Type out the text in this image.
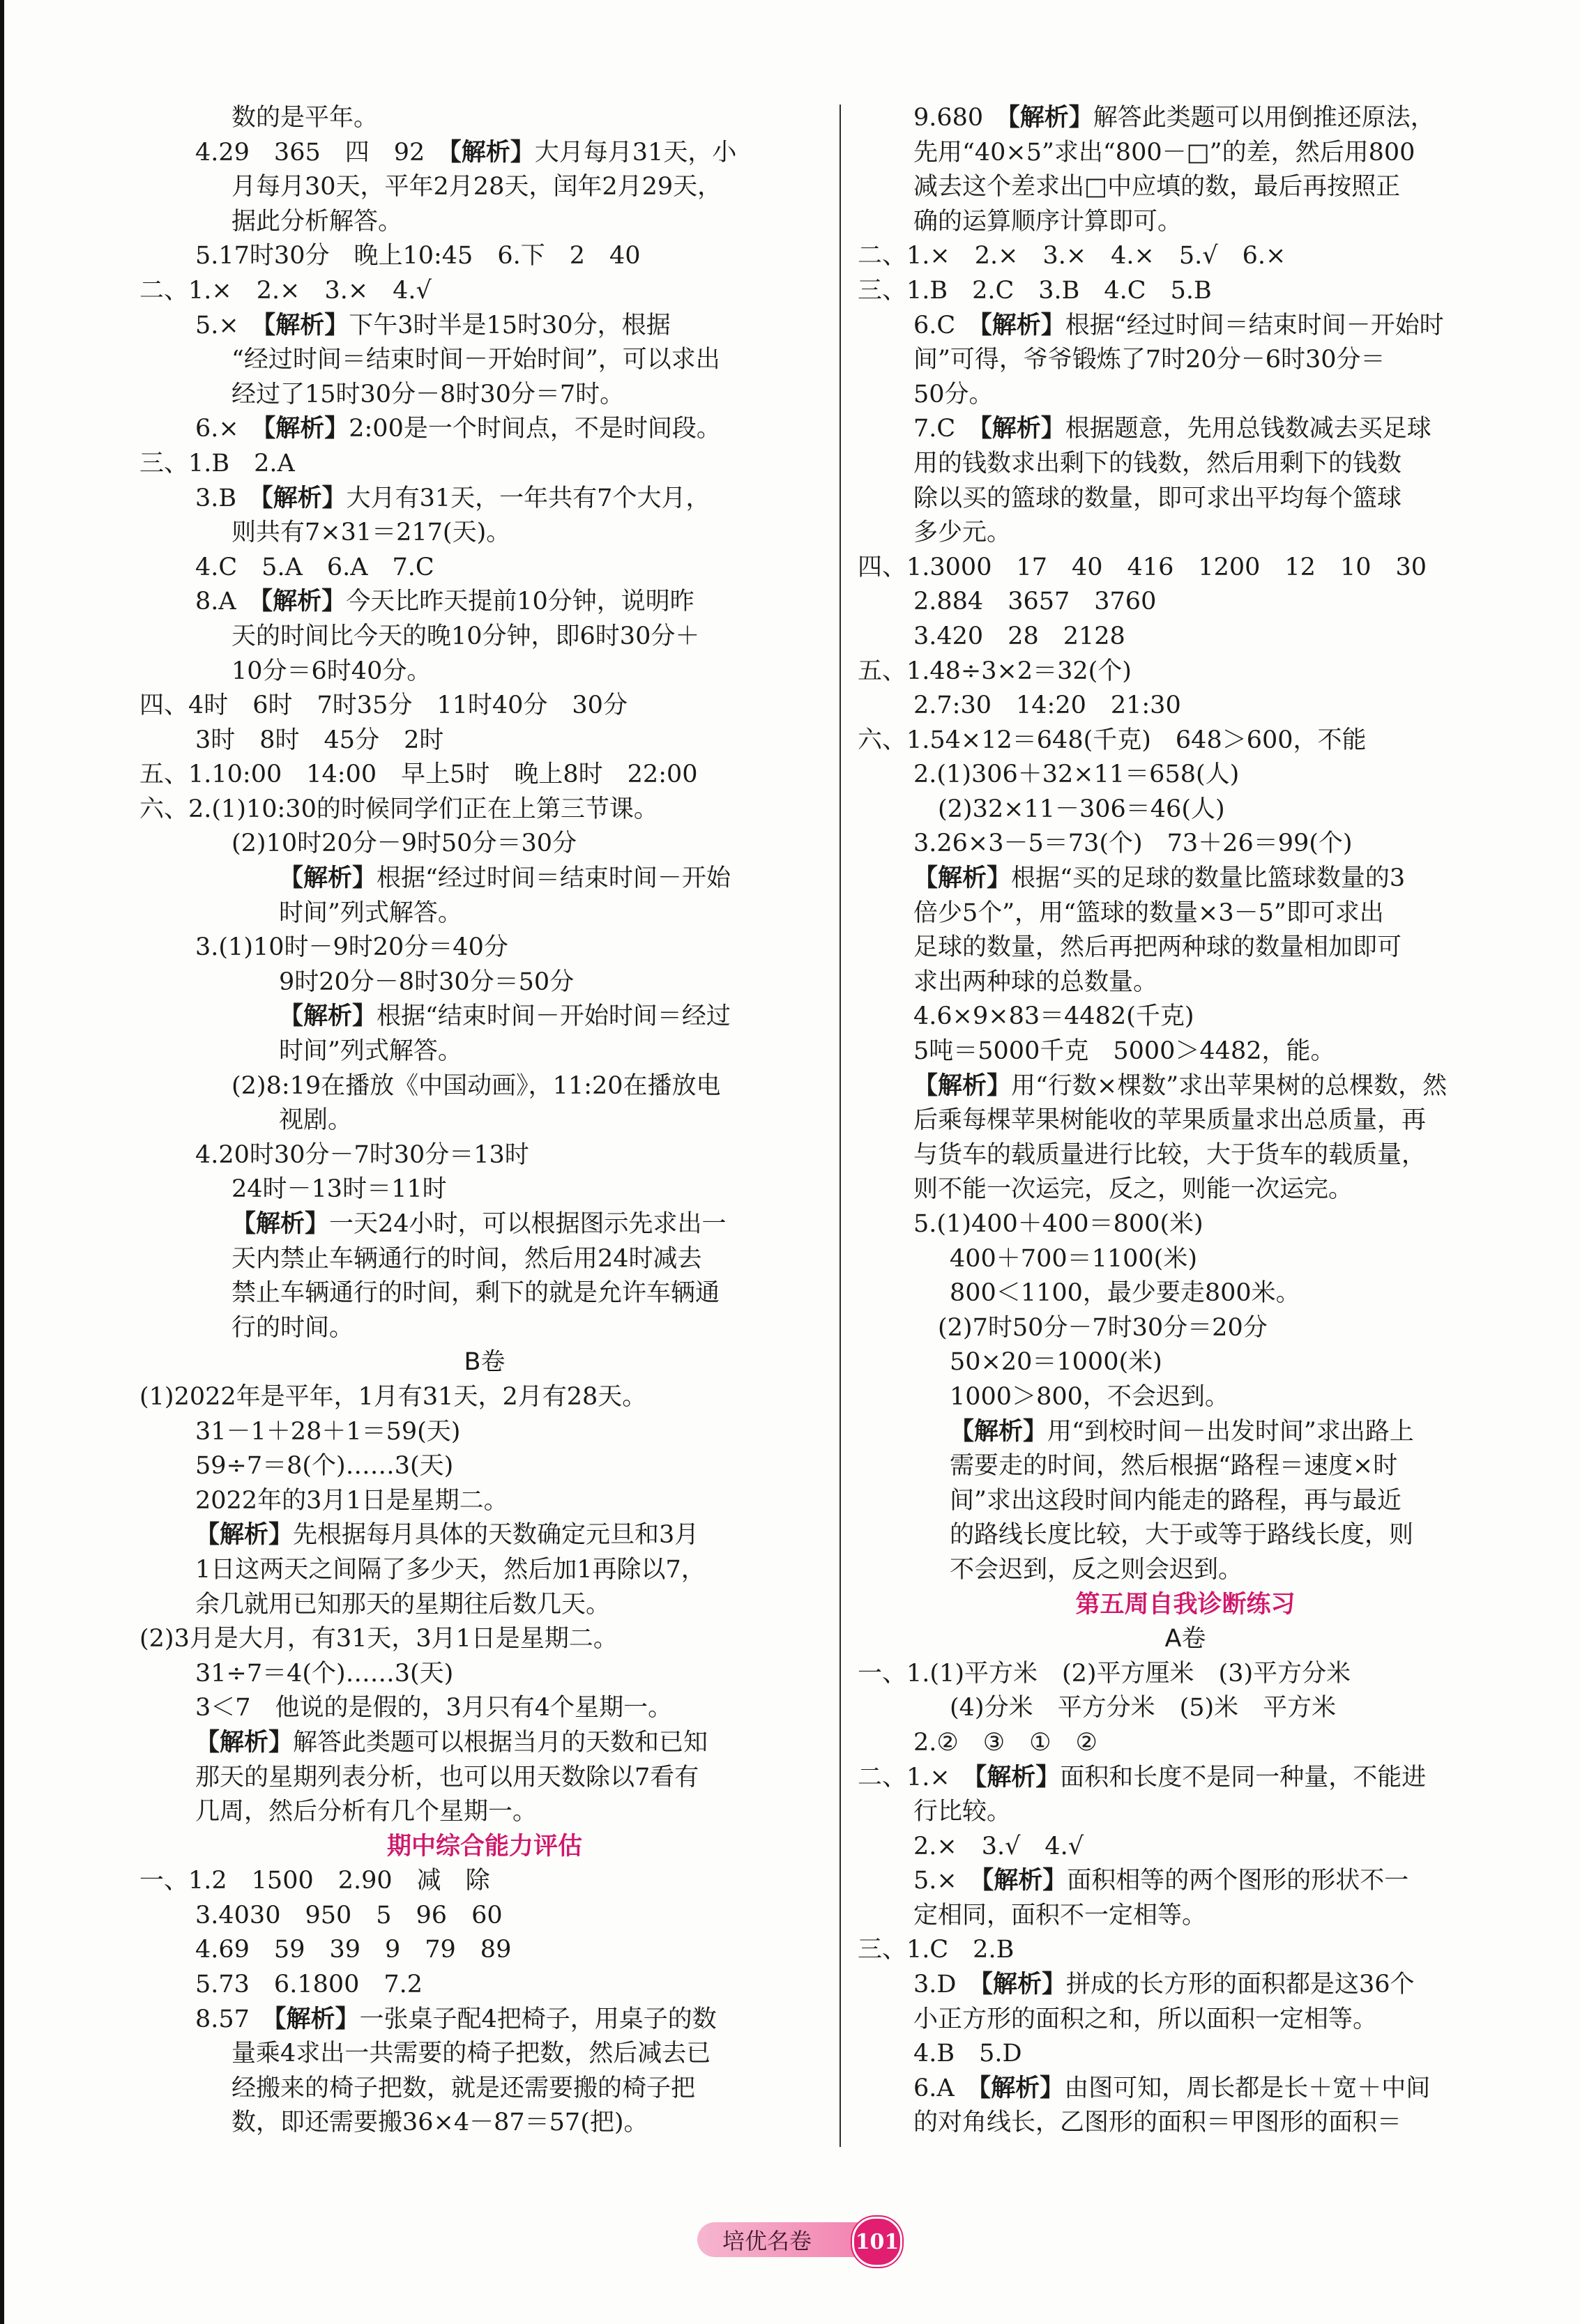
数的是平年。
4.29　365　四　92　【解析】大月每月31天，小
月每月30天，平年2月28天，闰年2月29天，
据此分析解答。
5.17时30分　晚上10:45　6.下　2　40
二、1.×　2.×　3.×　4.√
5.×　【解析】下午3时半是15时30分，根据
“经过时间＝结束时间－开始时间”，可以求出
经过了15时30分－8时30分＝7时。
6.×　【解析】2:00是一个时间点，不是时间段。
三、1.B　2.A
3.B　【解析】大月有31天，一年共有7个大月，
则共有7×31＝217(天)。
4.C　5.A　6.A　7.C
8.A　【解析】今天比昨天提前10分钟，说明昨
天的时间比今天的晚10分钟，即6时30分＋
10分＝6时40分。
四、4时　6时　7时35分　11时40分　30分
3时　8时　45分　2时
五、1.10:00　14:00　早上5时　晚上8时　22:00
六、2.(1)10:30的时候同学们正在上第三节课。
(2)10时20分－9时50分＝30分
【解析】根据“经过时间＝结束时间－开始
时间”列式解答。
3.(1)10时－9时20分＝40分
9时20分－8时30分＝50分
【解析】根据“结束时间－开始时间＝经过
时间”列式解答。
(2)8:19在播放《中国动画》，11:20在播放电
视剧。
4.20时30分－7时30分＝13时
24时－13时＝11时
【解析】一天24小时，可以根据图示先求出一
天内禁止车辆通行的时间，然后用24时减去
禁止车辆通行的时间，剩下的就是允许车辆通
行的时间。
B卷
(1)2022年是平年，1月有31天，2月有28天。
31－1＋28＋1＝59(天)
59÷7＝8(个)……3(天)
2022年的3月1日是星期二。
【解析】先根据每月具体的天数确定元旦和3月
1日这两天之间隔了多少天，然后加1再除以7，
余几就用已知那天的星期往后数几天。
(2)3月是大月，有31天，3月1日是星期二。
31÷7＝4(个)……3(天)
3＜7　他说的是假的，3月只有4个星期一。
【解析】解答此类题可以根据当月的天数和已知
那天的星期列表分析，也可以用天数除以7看有
几周，然后分析有几个星期一。
期中综合能力评估
一、1.2　1500　2.90　减　除
3.4030　950　5　96　60
4.69　59　39　9　79　89
5.73　6.1800　7.2
8.57　【解析】一张桌子配4把椅子，用桌子的数
量乘4求出一共需要的椅子把数，然后减去已
经搬来的椅子把数，就是还需要搬的椅子把
数，即还需要搬36×4－87＝57(把)。
9.680　【解析】解答此类题可以用倒推还原法，
先用“40×5”求出“800－□”的差，然后用800
减去这个差求出□中应填的数，最后再按照正
确的运算顺序计算即可。
二、1.×　2.×　3.×　4.×　5.√　6.×
三、1.B　2.C　3.B　4.C　5.B
6.C　【解析】根据“经过时间＝结束时间－开始时
间”可得，爷爷锻炼了7时20分－6时30分＝
50分。
7.C　【解析】根据题意，先用总钱数减去买足球
用的钱数求出剩下的钱数，然后用剩下的钱数
除以买的篮球的数量，即可求出平均每个篮球
多少元。
四、1.3000　17　40　416　1200　12　10　30
2.884　3657　3760
3.420　28　2128
五、1.48÷3×2＝32(个)
2.7:30　14:20　21:30
六、1.54×12＝648(千克)　648＞600，不能
2.(1)306＋32×11＝658(人)
　(2)32×11－306＝46(人)
3.26×3－5＝73(个)　73＋26＝99(个)
【解析】根据“买的足球的数量比篮球数量的3
倍少5个”，用“篮球的数量×3－5”即可求出
足球的数量，然后再把两种球的数量相加即可
求出两种球的总数量。
4.6×9×83＝4482(千克)
5吨＝5000千克　5000＞4482，能。
【解析】用“行数×棵数”求出苹果树的总棵数，然
后乘每棵苹果树能收的苹果质量求出总质量，再
与货车的载质量进行比较，大于货车的载质量，
则不能一次运完，反之，则能一次运完。
5.(1)400＋400＝800(米)
400＋700＝1100(米)
800＜1100，最少要走800米。
　(2)7时50分－7时30分＝20分
50×20＝1000(米)
1000＞800，不会迟到。
【解析】用“到校时间－出发时间”求出路上
需要走的时间，然后根据“路程＝速度×时
间”求出这段时间内能走的路程，再与最近
的路线长度比较，大于或等于路线长度，则
不会迟到，反之则会迟到。
第五周自我诊断练习
A卷
一、1.(1)平方米　(2)平方厘米　(3)平方分米
(4)分米　平方分米　(5)米　平方米
2.②　③　①　②
二、1.×　【解析】面积和长度不是同一种量，不能进
行比较。
2.×　3.√　4.√
5.×　【解析】面积相等的两个图形的形状不一
定相同，面积不一定相等。
三、1.C　2.B
3.D　【解析】拼成的长方形的面积都是这36个
小正方形的面积之和，所以面积一定相等。
4.B　5.D
6.A　【解析】由图可知，周长都是长＋宽＋中间
的对角线长，乙图形的面积＝甲图形的面积＝
培优名卷	101
